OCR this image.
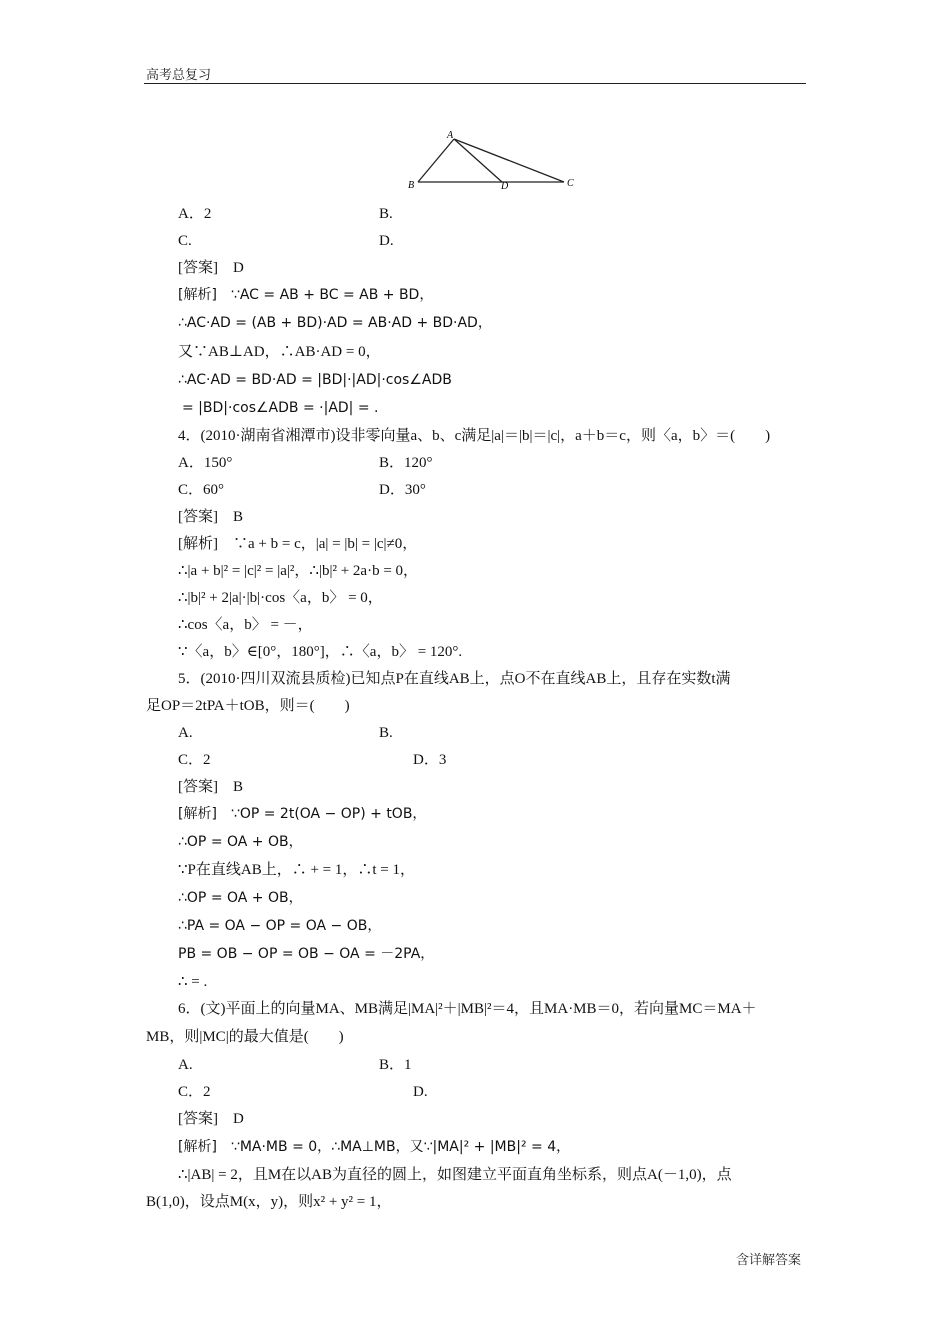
高考总复习
A
B	D	C
A．2	B.
C.	D.
[答案]　D
[解析]　∵AC = AB + BC = AB + BD，
∴AC·AD = (AB + BD)·AD = AB·AD + BD·AD，
又∵AB⊥AD，∴AB·AD = 0，
∴AC·AD = BD·AD = |BD|·|AD|·cos∠ADB
= |BD|·cos∠ADB = ·|AD| = .
4．(2010·湖南省湘潭市)设非零向量a、b、c满足|a|＝|b|＝|c|，a＋b＝c，则〈a，b〉＝(　　)
A．150°	B．120°
C．60°	D．30°
[答案]　B
[解析]　∵a + b = c，|a| = |b| = |c|≠0，
∴|a + b|² = |c|² = |a|²，∴|b|² + 2a·b = 0，
∴|b|² + 2|a|·|b|·cos〈a，b〉 = 0，
∴cos〈a，b〉 = －，
∵〈a，b〉∈[0°，180°]，∴〈a，b〉 = 120°.
5．(2010·四川双流县质检)已知点P在直线AB上，点O不在直线AB上，且存在实数t满
足OP＝2tPA＋tOB，则＝(　　)
A.	B.
C．2	D．3
[答案]　B
[解析]　∵OP = 2t(OA − OP) + tOB，
∴OP = OA + OB，
∵P在直线AB上，∴ + = 1，∴t = 1，
∴OP = OA + OB，
∴PA = OA − OP = OA − OB，
PB = OB − OP = OB − OA = －2PA，
∴ = .
6．(文)平面上的向量MA、MB满足|MA|²＋|MB|²＝4，且MA·MB＝0，若向量MC＝MA＋
MB，则|MC|的最大值是(　　)
A.	B．1
C．2	D.
[答案]　D
[解析]　∵MA·MB = 0，∴MA⊥MB，又∵|MA|² + |MB|² = 4，
∴|AB| = 2，且M在以AB为直径的圆上，如图建立平面直角坐标系，则点A(－1,0)，点
B(1,0)，设点M(x，y)，则x² + y² = 1，
含详解答案
